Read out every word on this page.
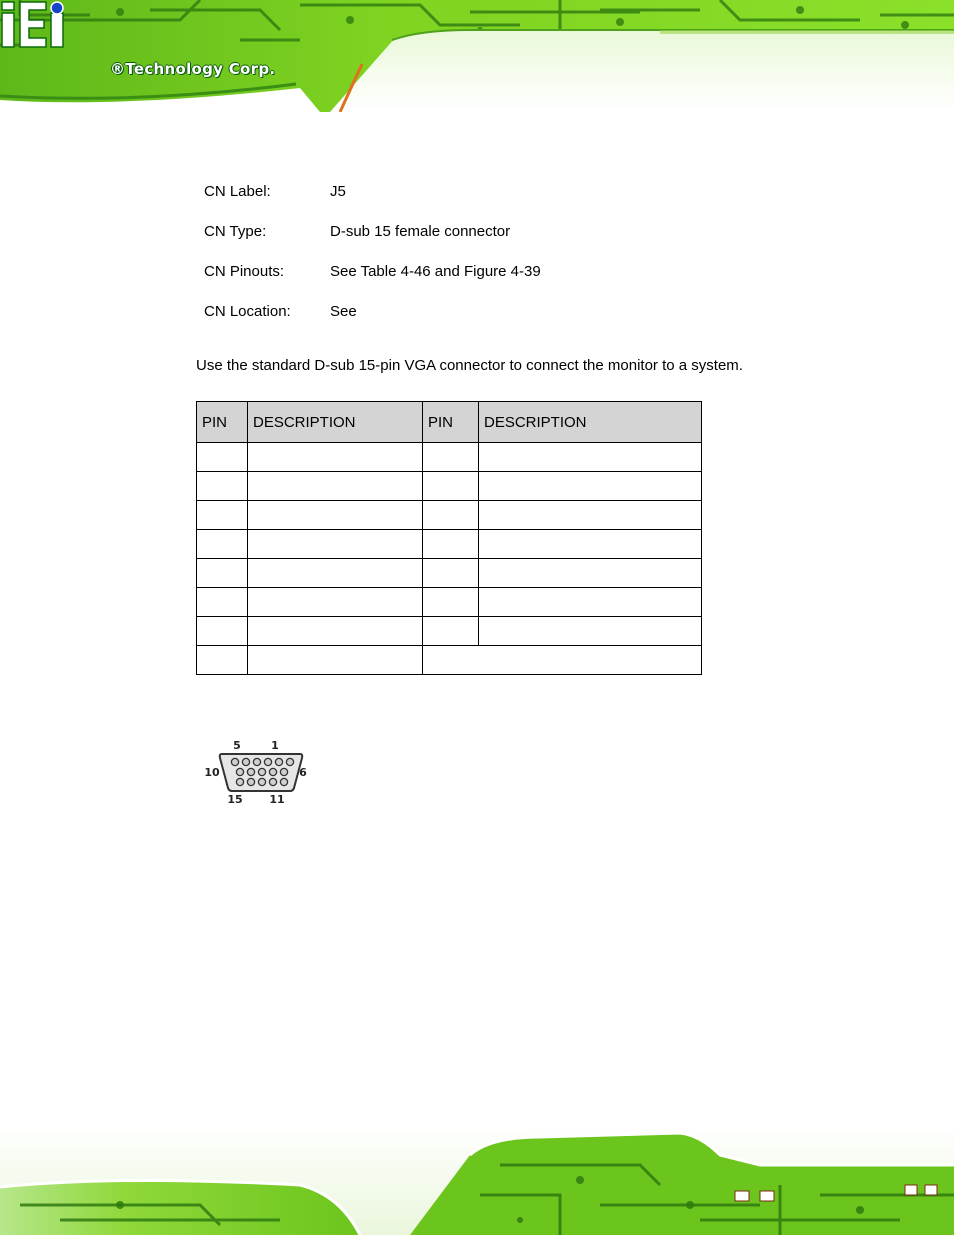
®Technology Corp.
CN Label:	J5
CN Type:	D-sub 15 female connector
CN Pinouts:	See Table 4-46 and Figure 4-39
CN Location:	See
Use the standard D-sub 15-pin VGA connector to connect the monitor to a system.
PIN	DESCRIPTION	PIN	DESCRIPTION

5	1
10	6
15 11
